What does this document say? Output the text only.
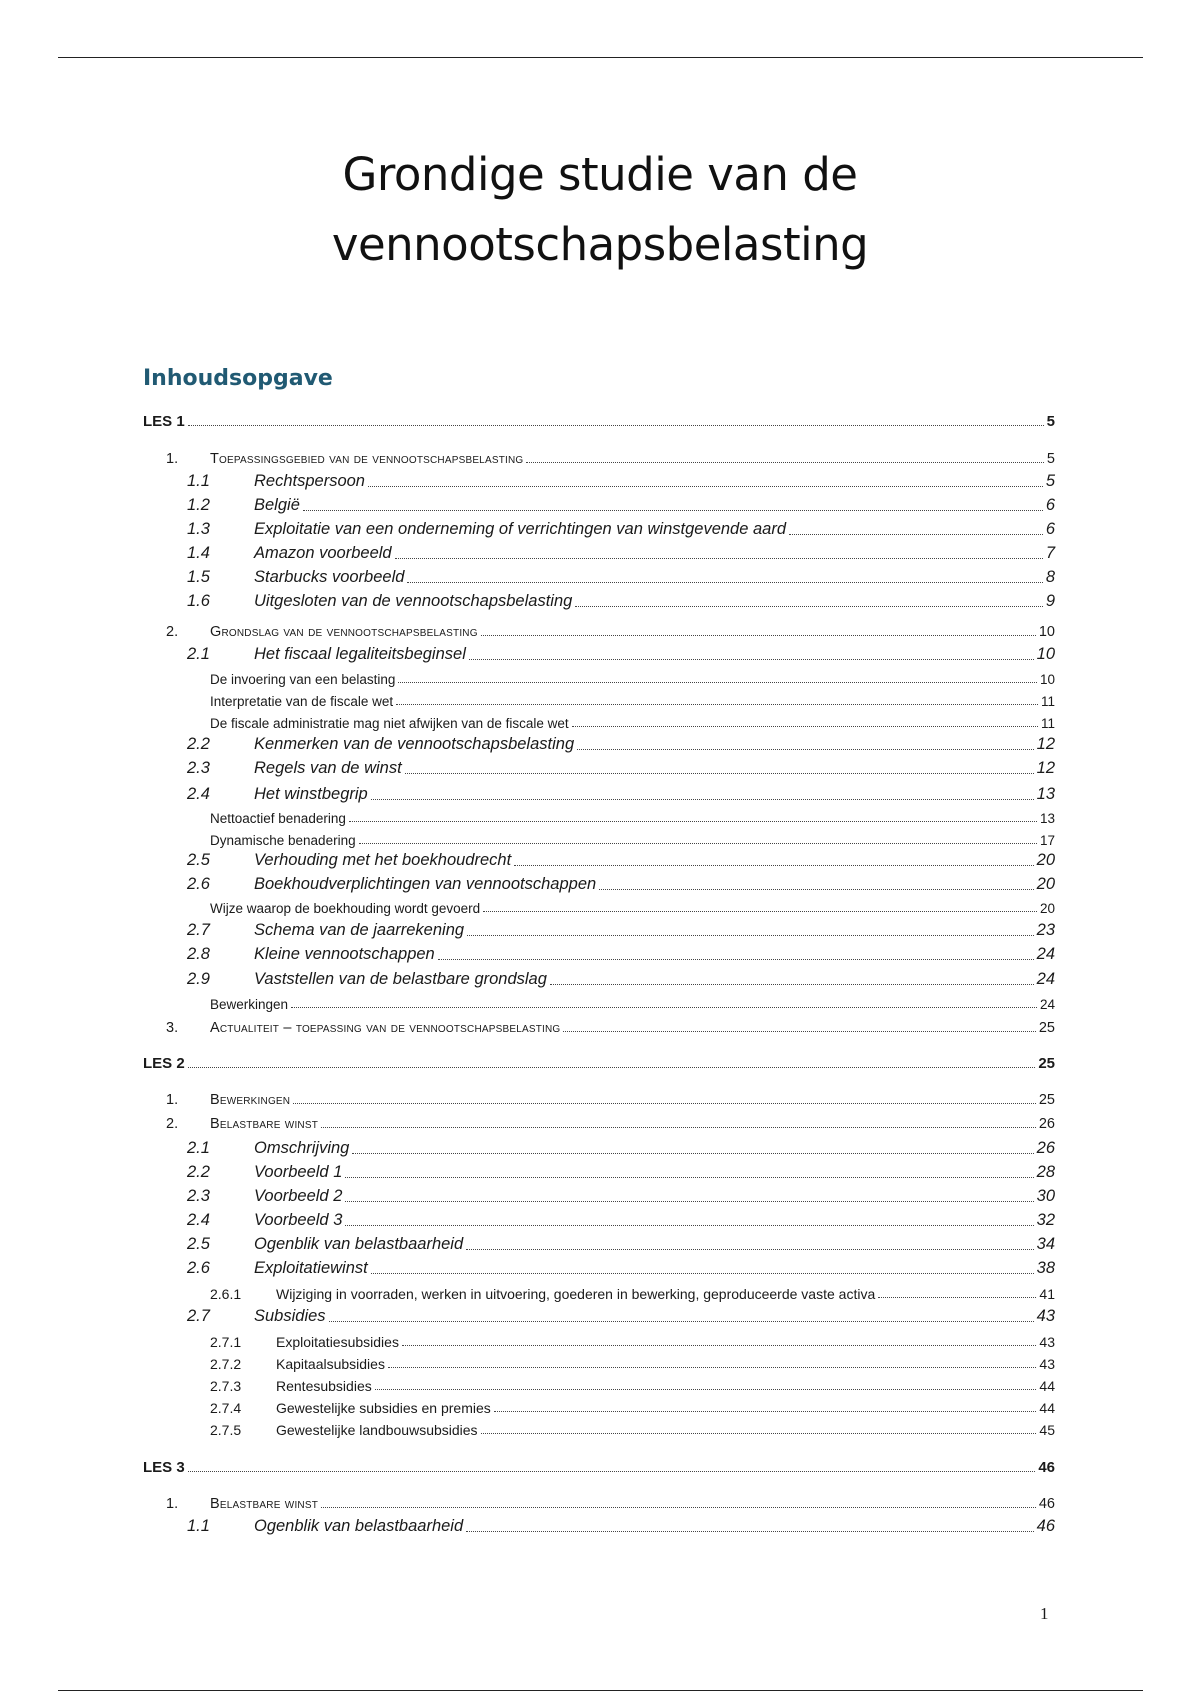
Grondige studie van de
vennootschapsbelasting
Inhoudsopgave
LES 1	5
1. Toepassingsgebied van de vennootschapsbelasting	5
1.1	Rechtspersoon	5
1.2	België	6
1.3	Exploitatie van een onderneming of verrichtingen van winstgevende aard	6
1.4	Amazon voorbeeld	7
1.5	Starbucks voorbeeld	8
1.6	Uitgesloten van de vennootschapsbelasting	9
2. Grondslag van de vennootschapsbelasting	10
2.1	Het fiscaal legaliteitsbeginsel	10
De invoering van een belasting	10
Interpretatie van de fiscale wet	11
De fiscale administratie mag niet afwijken van de fiscale wet	11
2.2	Kenmerken van de vennootschapsbelasting	12
2.3	Regels van de winst	12
2.4	Het winstbegrip	13
Nettoactief benadering	13
Dynamische benadering	17
2.5	Verhouding met het boekhoudrecht	20
2.6	Boekhoudverplichtingen van vennootschappen	20
Wijze waarop de boekhouding wordt gevoerd	20
2.7	Schema van de jaarrekening	23
2.8	Kleine vennootschappen	24
2.9	Vaststellen van de belastbare grondslag	24
Bewerkingen	24
3. Actualiteit – toepassing van de vennootschapsbelasting	25
LES 2	25
1. Bewerkingen	25
2. Belastbare winst	26
2.1	Omschrijving	26
2.2	Voorbeeld 1	28
2.3	Voorbeeld 2	30
2.4	Voorbeeld 3	32
2.5	Ogenblik van belastbaarheid	34
2.6	Exploitatiewinst	38
2.6.1 Wijziging in voorraden, werken in uitvoering, goederen in bewerking, geproduceerde vaste activa	41
2.7	Subsidies	43
2.7.1 Exploitatiesubsidies	43
2.7.2 Kapitaalsubsidies	43
2.7.3 Rentesubsidies	44
2.7.4 Gewestelijke subsidies en premies	44
2.7.5 Gewestelijke landbouwsubsidies	45
LES 3	46
1. Belastbare winst	46
1.1	Ogenblik van belastbaarheid	46
1
